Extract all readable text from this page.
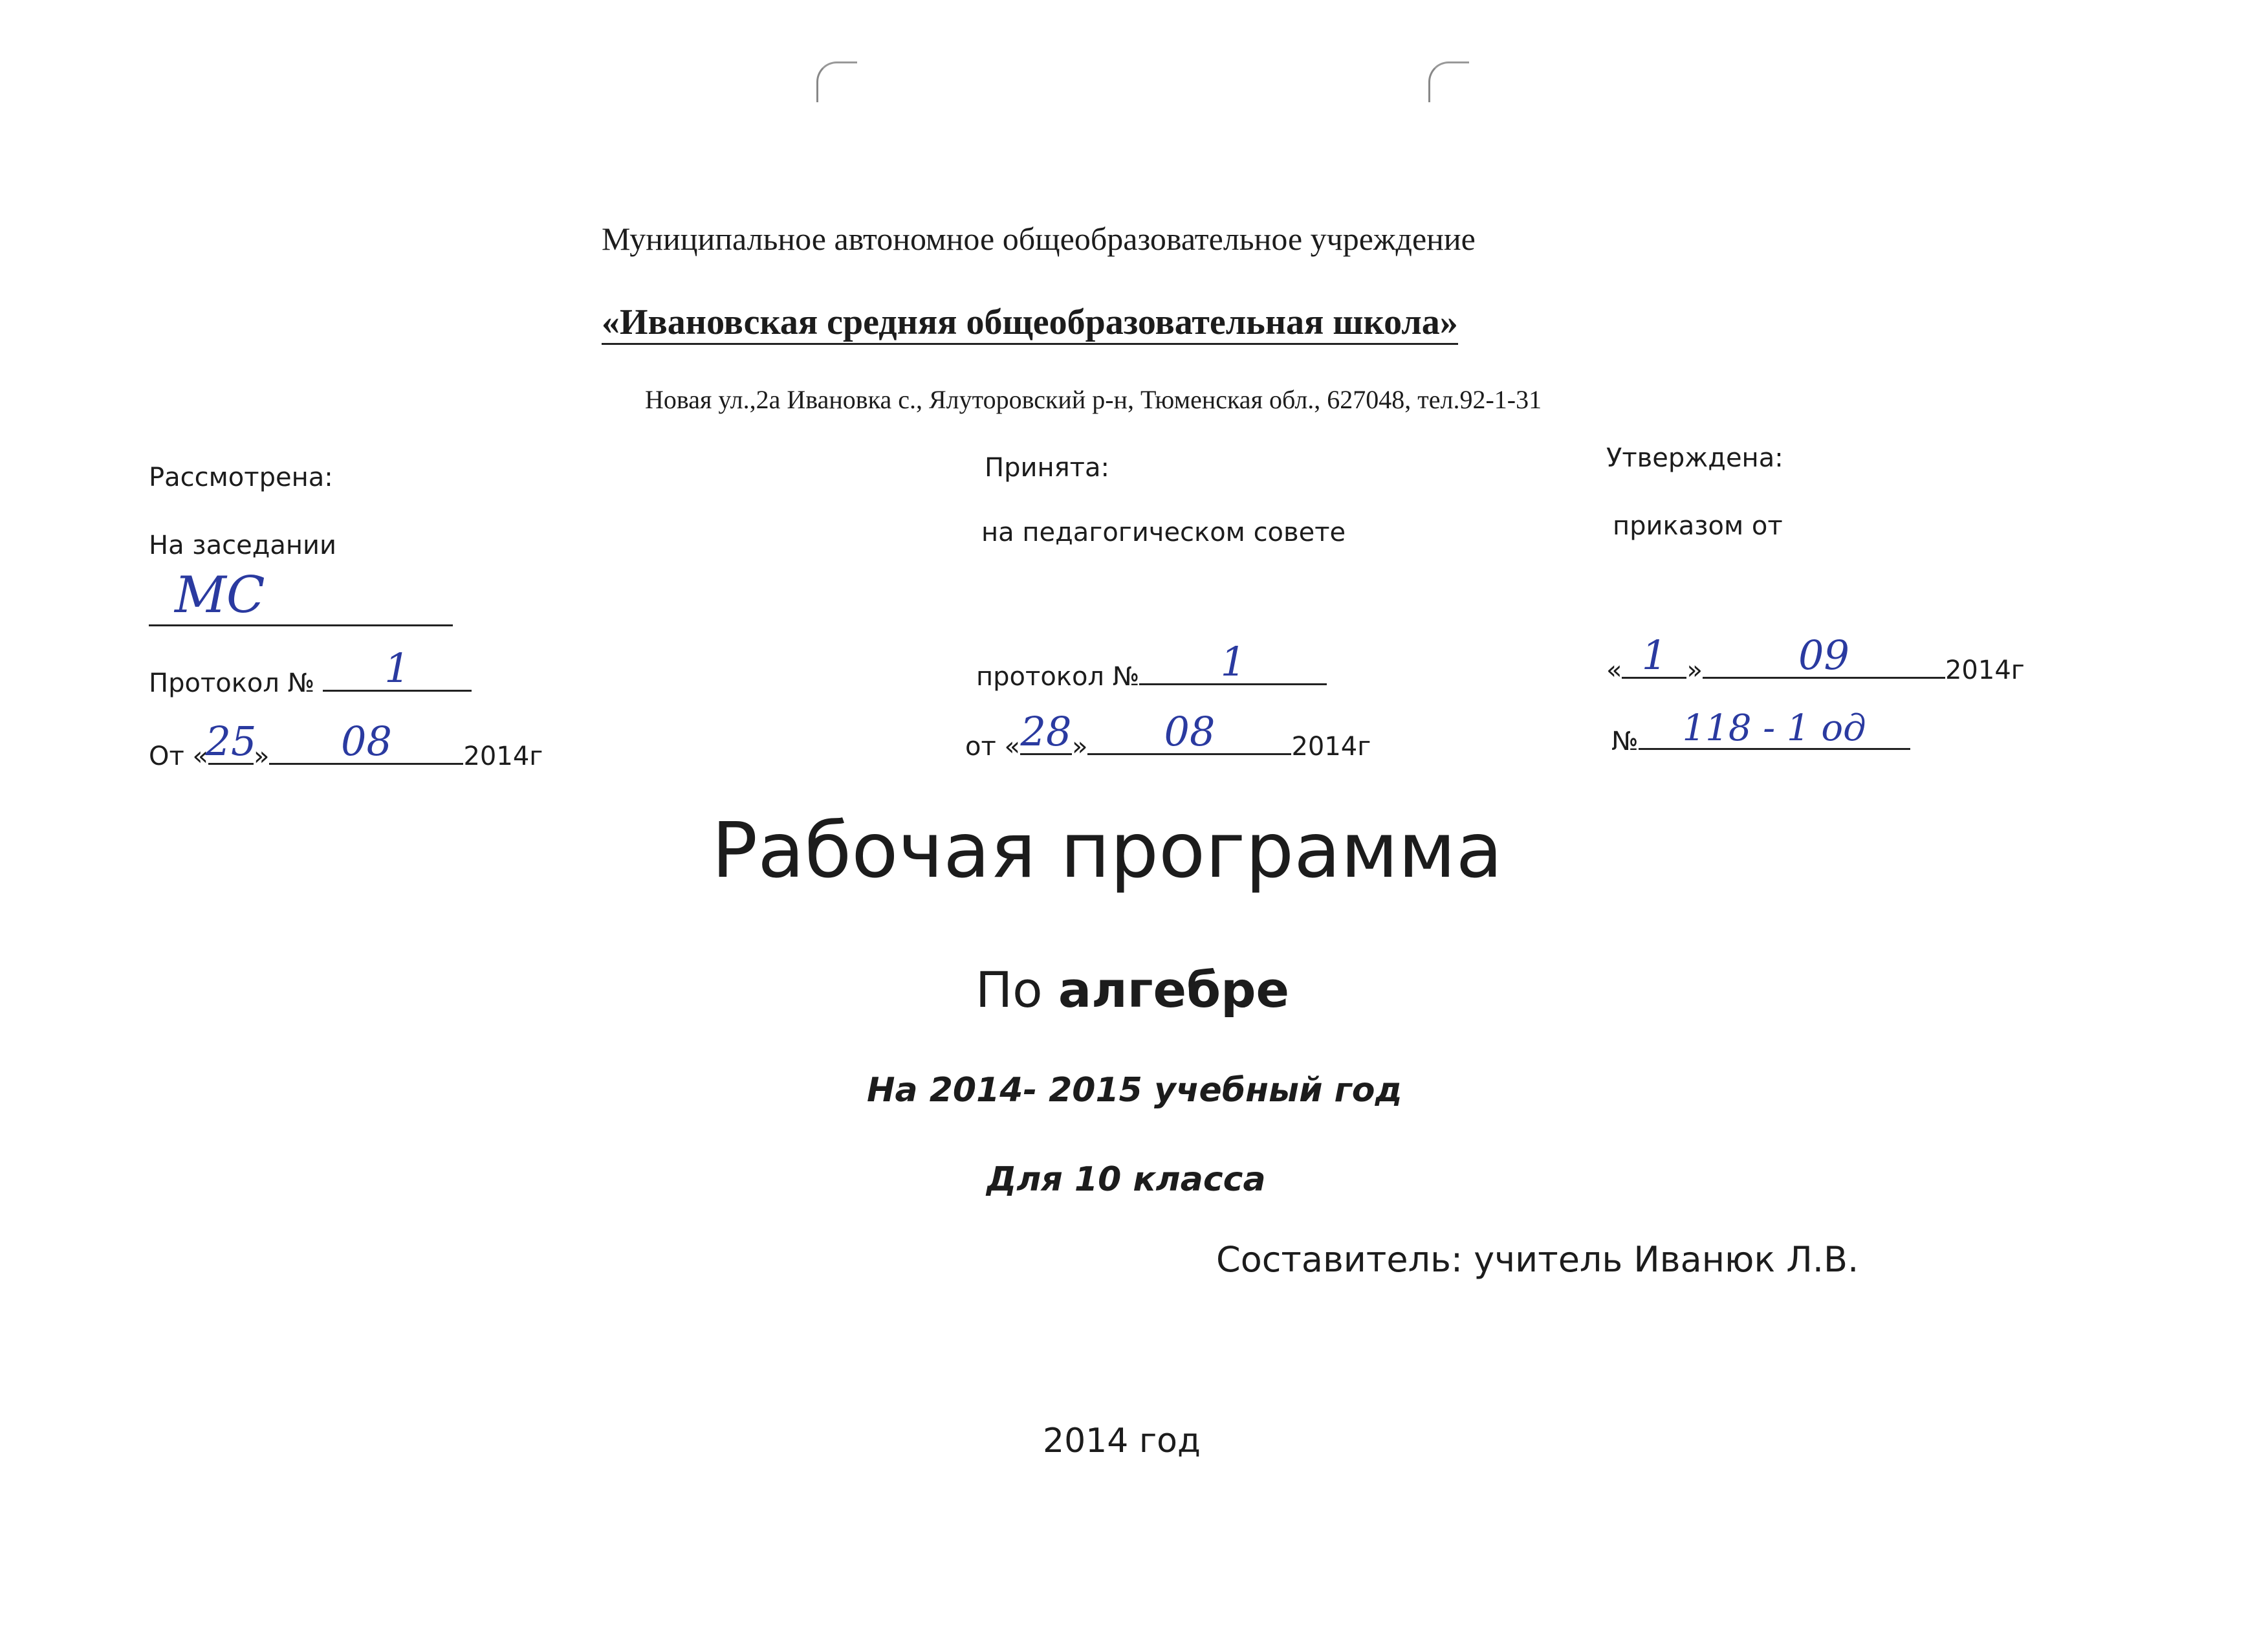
Муниципальное автономное общеобразовательное учреждение
«Ивановская средняя общеобразовательная школа»
Новая ул.,2а Ивановка с., Ялуторовский р-н, Тюменская обл., 627048, тел.92-1-31
Рассмотрена:
На заседании
МС
Протокол № 1
От «
25
» 08	2014г
Принята:
на педагогическом совете
протокол № 1
от « 28 » 08	2014г
Утверждена:
приказом от
« 1 » 09	2014г
№ 118 - 1 од
Рабочая программа
По алгебре
На 2014- 2015 учебный год
Для 10 класса
Составитель: учитель Иванюк Л.В.
2014 год
